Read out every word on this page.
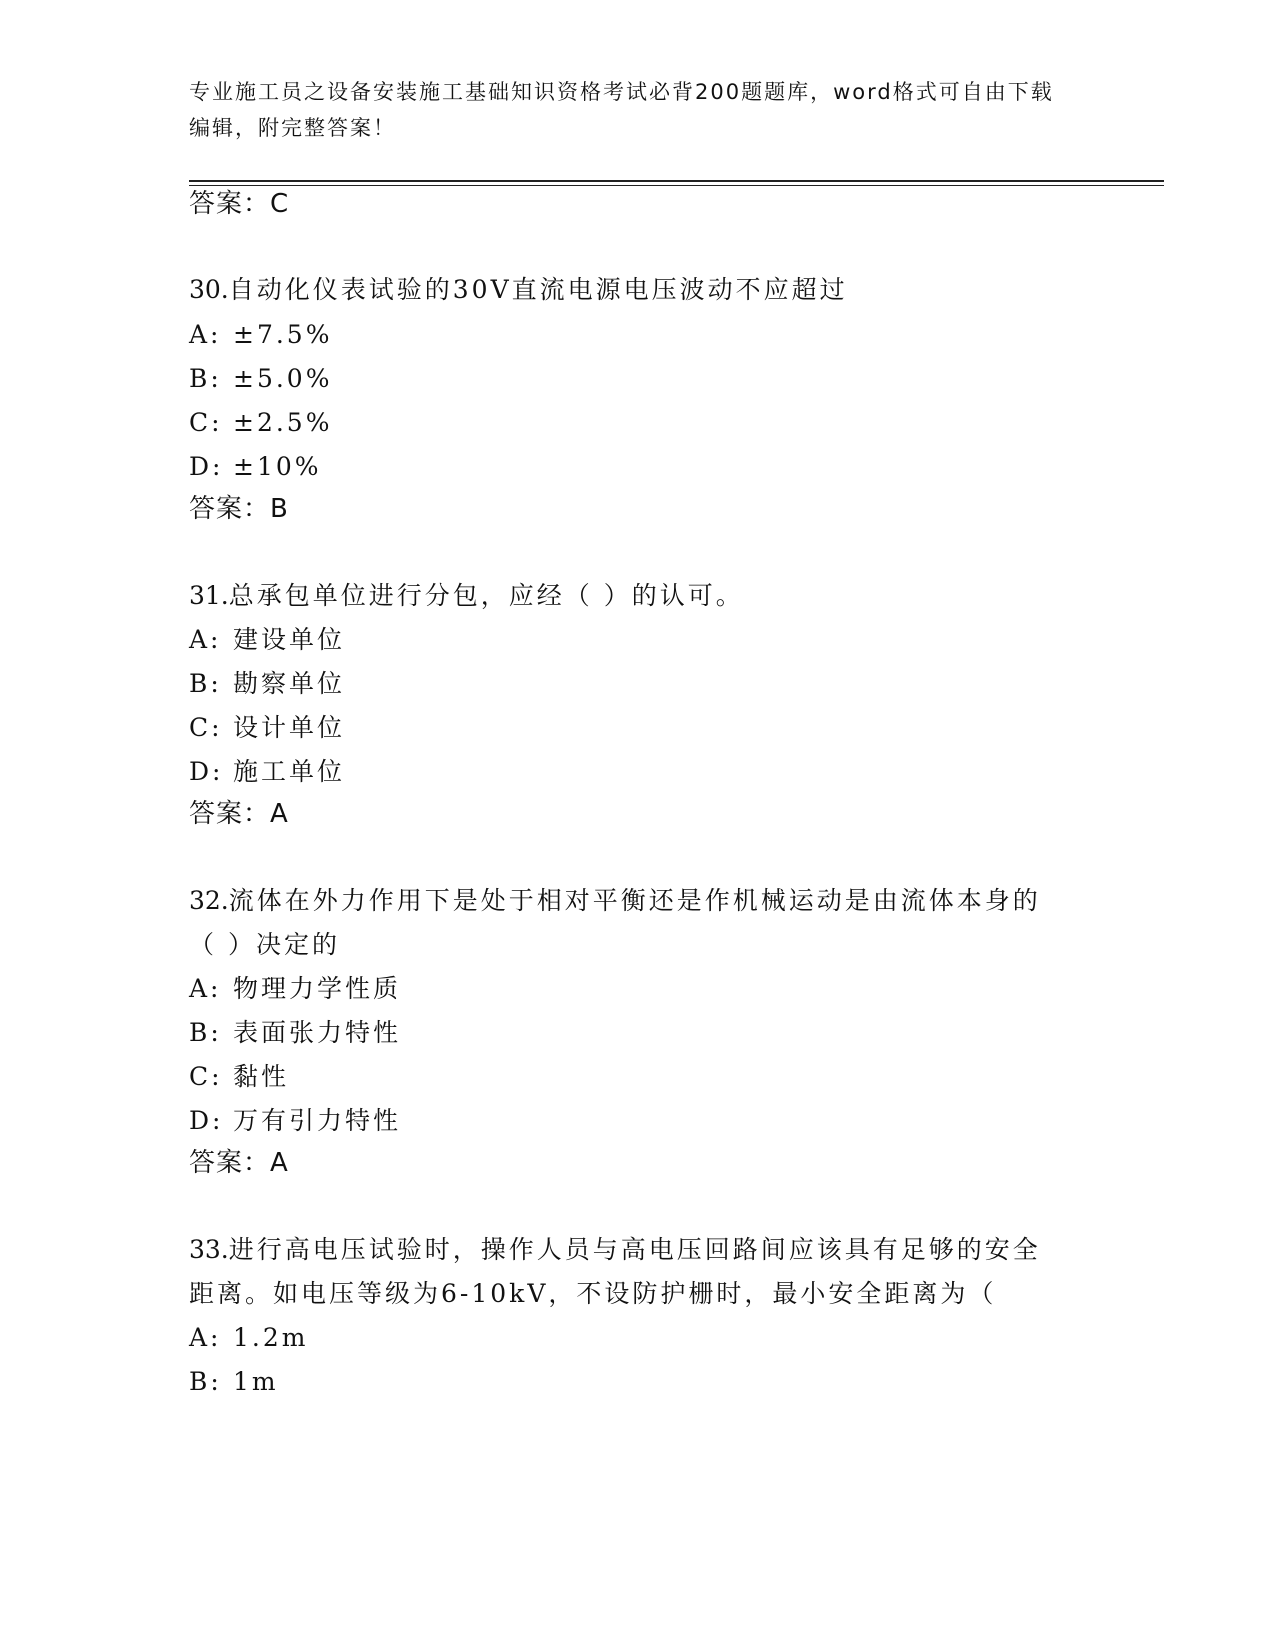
专业施工员之设备安装施工基础知识资格考试必背200题题库，word格式可自由下载编辑，附完整答案！
答案：C
30.自动化仪表试验的30V直流电源电压波动不应超过
A: ±7.5%
B: ±5.0%
C: ±2.5%
D: ±10%
答案：B
31.总承包单位进行分包，应经（ ）的认可。
A: 建设单位
B: 勘察单位
C: 设计单位
D: 施工单位
答案：A
32.流体在外力作用下是处于相对平衡还是作机械运动是由流体本身的
（ ）决定的
A: 物理力学性质
B: 表面张力特性
C: 黏性
D: 万有引力特性
答案：A
33.进行高电压试验时，操作人员与高电压回路间应该具有足够的安全
距离。如电压等级为6-10kV，不设防护栅时，最小安全距离为（
A: 1.2m
B: 1m
